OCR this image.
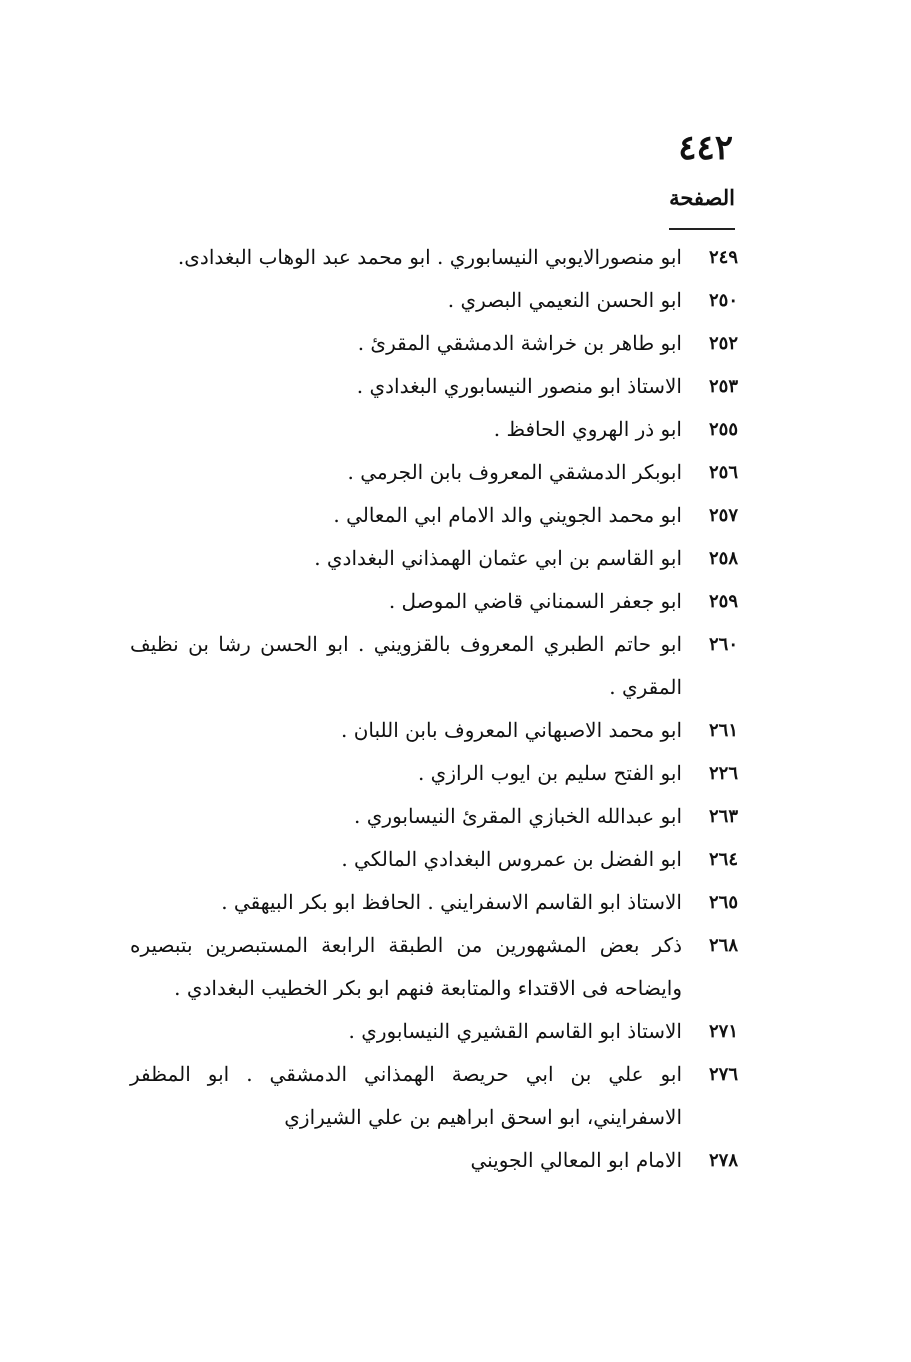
٤٤٢
الصفحة
٢٤٩
ابو منصورالايوبي النيسابوري . ابو محمد عبد الوهاب البغدادى.
٢٥٠
ابو الحسن النعيمي البصري .
٢٥٢
ابو طاهر بن خراشة الدمشقي المقرئ .
٢٥٣
الاستاذ ابو منصور النيسابوري البغدادي .
٢٥٥
ابو ذر الهروي الحافظ .
٢٥٦
ابوبكر الدمشقي المعروف بابن الجرمي .
٢٥٧
ابو محمد الجويني والد الامام ابي المعالي .
٢٥٨
ابو القاسم بن ابي عثمان الهمذاني البغدادي .
٢٥٩
ابو جعفر السمناني قاضي الموصل .
٢٦٠
ابو حاتم الطبري المعروف بالقزويني . ابو الحسن رشا بن نظيف المقري .
٢٦١
ابو محمد الاصبهاني المعروف بابن اللبان .
٢٢٦
ابو الفتح سليم بن ايوب الرازي .
٢٦٣
ابو عبدالله الخبازي المقرئ النيسابوري .
٢٦٤
ابو الفضل بن عمروس البغدادي المالكي .
٢٦٥
الاستاذ ابو القاسم الاسفرايني . الحافظ ابو بكر البيهقي .
٢٦٨
ذكر بعض المشهورين من الطبقة الرابعة المستبصرين بتبصيره وايضاحه فى الاقتداء والمتابعة فنهم ابو بكر الخطيب البغدادي .
٢٧١
الاستاذ ابو القاسم القشيري النيسابوري .
٢٧٦
ابو علي بن ابي حريصة الهمذاني الدمشقي . ابو المظفر الاسفرايني، ابو اسحق ابراهيم بن علي الشيرازي
٢٧٨
الامام ابو المعالي الجويني
